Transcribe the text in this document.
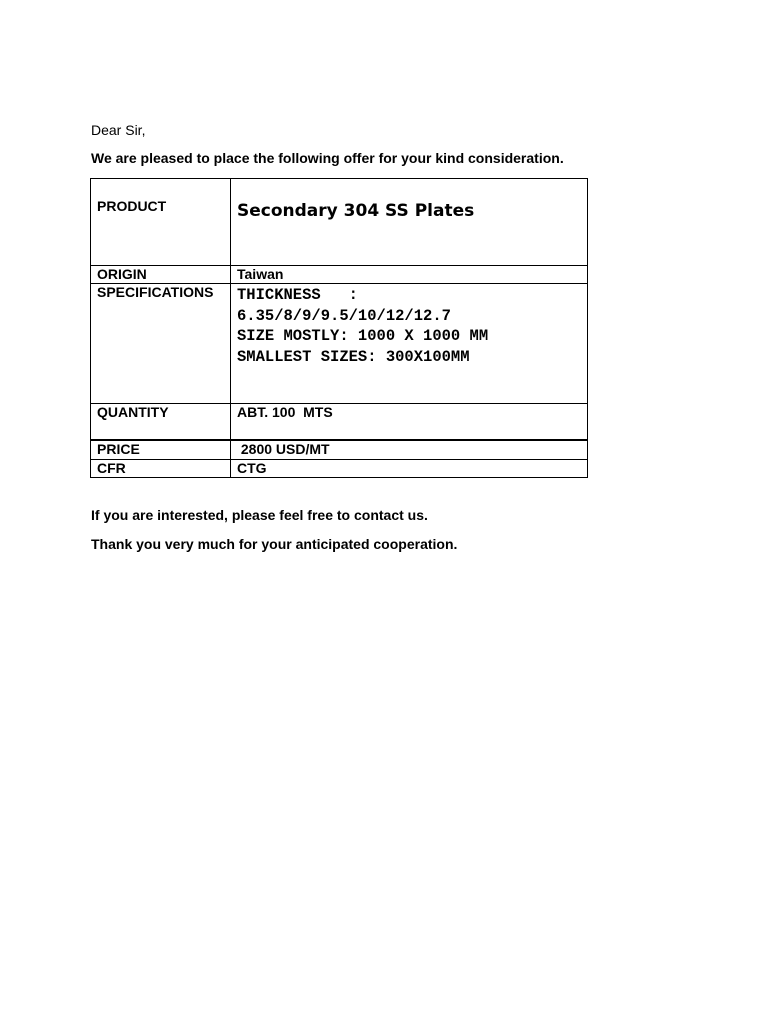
Dear Sir,
We are pleased to place the following offer for your kind consideration.
PRODUCT	Secondary 304 SS Plates
ORIGIN	Taiwan
SPECIFICATIONS	THICKNESS   :
6.35/8/9/9.5/10/12/12.7
SIZE MOSTLY: 1000 X 1000 MM
SMALLEST SIZES: 300X100MM

QUANTITY	ABT. 100  MTS
PRICE	2800 USD/MT
CFR	CTG
If you are interested, please feel free to contact us.
Thank you very much for your anticipated cooperation.
